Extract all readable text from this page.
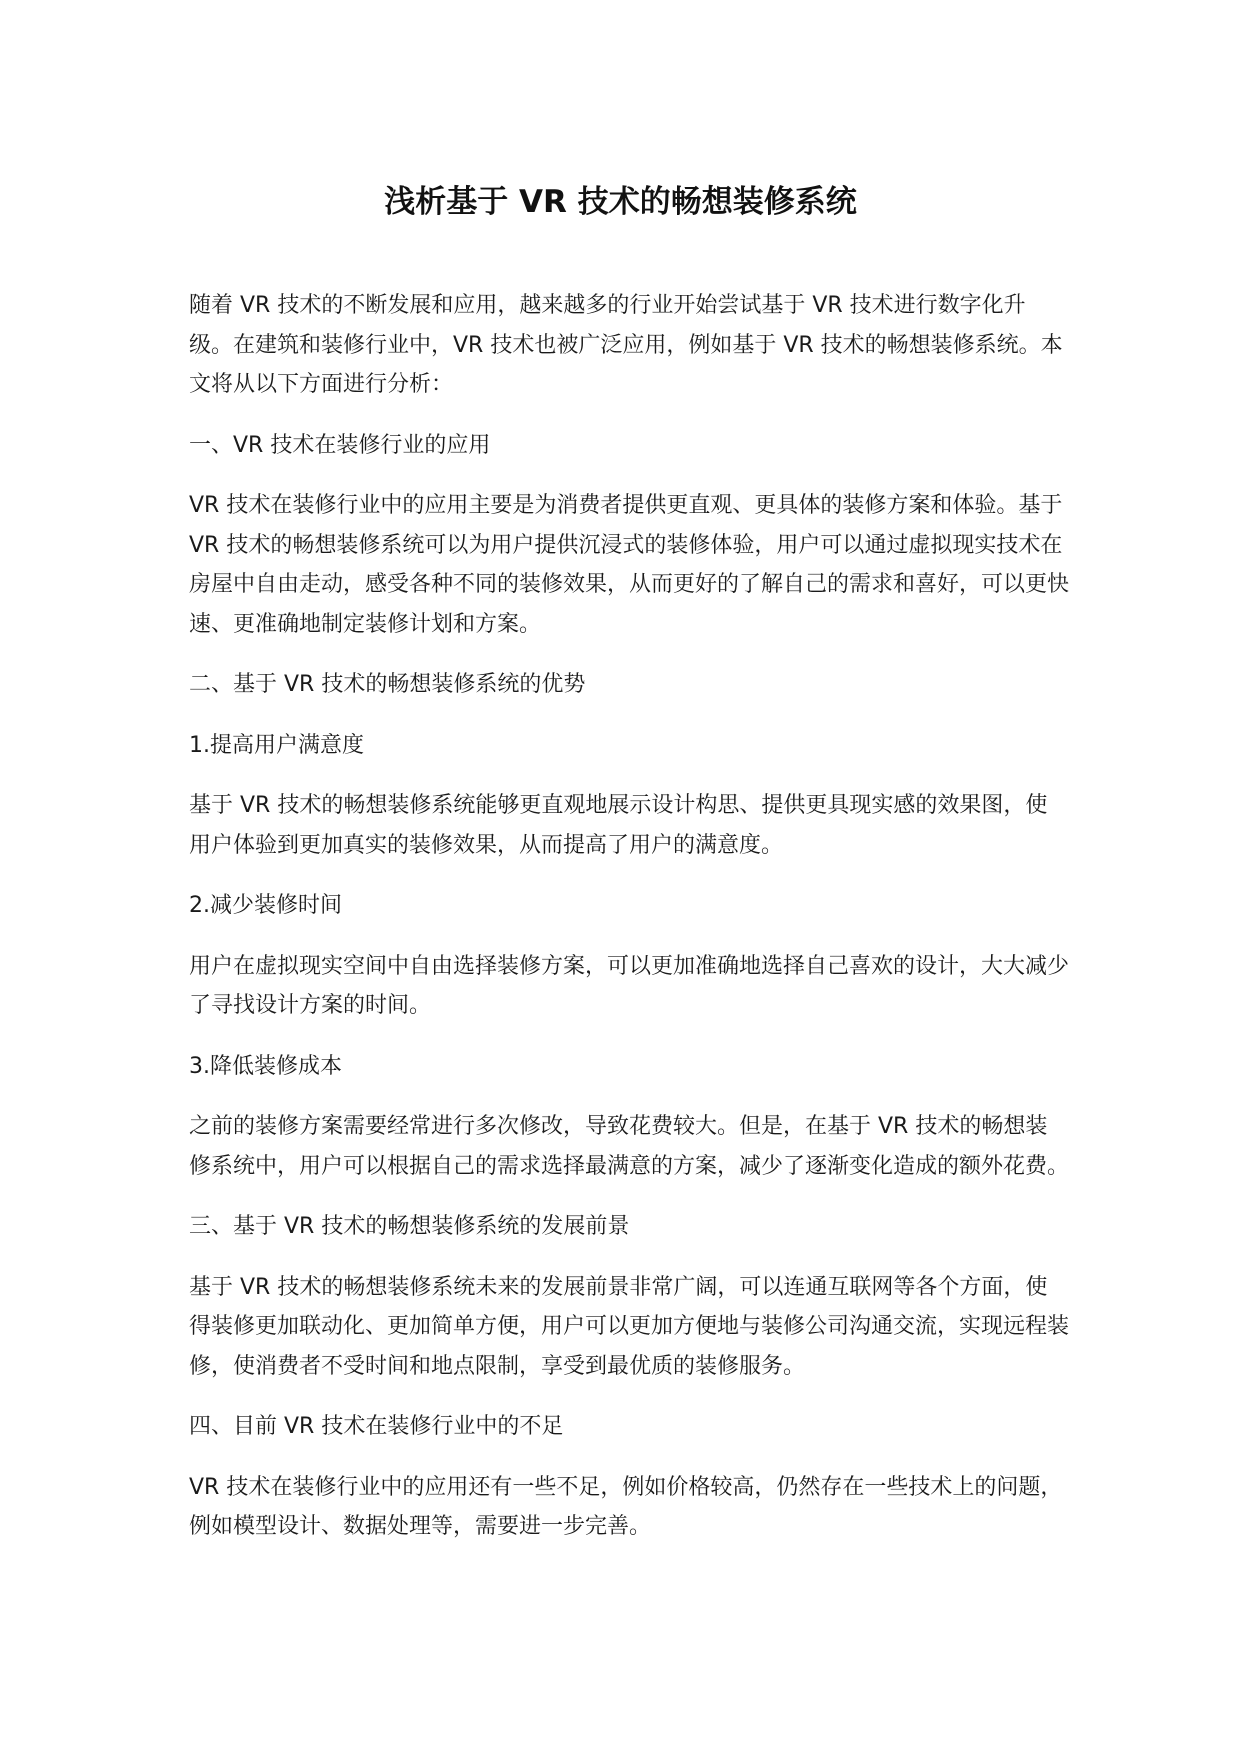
浅析基于 VR 技术的畅想装修系统

随着 VR 技术的不断发展和应用，越来越多的行业开始尝试基于 VR 技术进行数字化升级。在建筑和装修行业中，VR 技术也被广泛应用，例如基于 VR 技术的畅想装修系统。本文将从以下方面进行分析：

一、VR 技术在装修行业的应用

VR 技术在装修行业中的应用主要是为消费者提供更直观、更具体的装修方案和体验。基于 VR 技术的畅想装修系统可以为用户提供沉浸式的装修体验，用户可以通过虚拟现实技术在房屋中自由走动，感受各种不同的装修效果，从而更好的了解自己的需求和喜好，可以更快速、更准确地制定装修计划和方案。

二、基于 VR 技术的畅想装修系统的优势

1.提高用户满意度

基于 VR 技术的畅想装修系统能够更直观地展示设计构思、提供更具现实感的效果图，使用户体验到更加真实的装修效果，从而提高了用户的满意度。

2.减少装修时间

用户在虚拟现实空间中自由选择装修方案，可以更加准确地选择自己喜欢的设计，大大减少了寻找设计方案的时间。

3.降低装修成本

之前的装修方案需要经常进行多次修改，导致花费较大。但是，在基于 VR 技术的畅想装修系统中，用户可以根据自己的需求选择最满意的方案，减少了逐渐变化造成的额外花费。

三、基于 VR 技术的畅想装修系统的发展前景

基于 VR 技术的畅想装修系统未来的发展前景非常广阔，可以连通互联网等各个方面，使得装修更加联动化、更加简单方便，用户可以更加方便地与装修公司沟通交流，实现远程装修，使消费者不受时间和地点限制，享受到最优质的装修服务。

四、目前 VR 技术在装修行业中的不足

VR 技术在装修行业中的应用还有一些不足，例如价格较高，仍然存在一些技术上的问题，例如模型设计、数据处理等，需要进一步完善。
